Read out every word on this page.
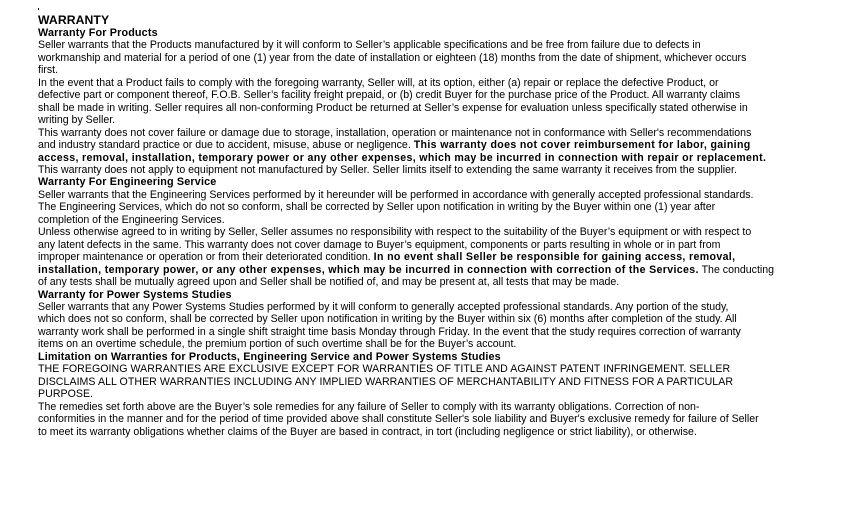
WARRANTY
Warranty For Products
Seller warrants that the Products manufactured by it will conform to Seller’s applicable specifications and be free from failure due to defects in
workmanship and material for a period of one (1) year from the date of installation or eighteen (18) months from the date of shipment, whichever occurs
first.
In the event that a Product fails to comply with the foregoing warranty, Seller will, at its option, either (a) repair or replace the defective Product, or
defective part or component thereof, F.O.B. Seller’s facility freight prepaid, or (b) credit Buyer for the purchase price of the Product. All warranty claims
shall be made in writing. Seller requires all non-conforming Product be returned at Seller’s expense for evaluation unless specifically stated otherwise in
writing by Seller.
This warranty does not cover failure or damage due to storage, installation, operation or maintenance not in conformance with Seller's recommendations
and industry standard practice or due to accident, misuse, abuse or negligence. This warranty does not cover reimbursement for labor, gaining
access, removal, installation, temporary power or any other expenses, which may be incurred in connection with repair or replacement.
This warranty does not apply to equipment not manufactured by Seller. Seller limits itself to extending the same warranty it receives from the supplier.
Warranty For Engineering Service
Seller warrants that the Engineering Services performed by it hereunder will be performed in accordance with generally accepted professional standards.
The Engineering Services, which do not so conform, shall be corrected by Seller upon notification in writing by the Buyer within one (1) year after
completion of the Engineering Services.
Unless otherwise agreed to in writing by Seller, Seller assumes no responsibility with respect to the suitability of the Buyer’s equipment or with respect to
any latent defects in the same. This warranty does not cover damage to Buyer’s equipment, components or parts resulting in whole or in part from
improper maintenance or operation or from their deteriorated condition. In no event shall Seller be responsible for gaining access, removal,
installation, temporary power, or any other expenses, which may be incurred in connection with correction of the Services. The conducting
of any tests shall be mutually agreed upon and Seller shall be notified of, and may be present at, all tests that may be made.
Warranty for Power Systems Studies
Seller warrants that any Power Systems Studies performed by it will conform to generally accepted professional standards. Any portion of the study,
which does not so conform, shall be corrected by Seller upon notification in writing by the Buyer within six (6) months after completion of the study. All
warranty work shall be performed in a single shift straight time basis Monday through Friday. In the event that the study requires correction of warranty
items on an overtime schedule, the premium portion of such overtime shall be for the Buyer’s account.
Limitation on Warranties for Products, Engineering Service and Power Systems Studies
THE FOREGOING WARRANTIES ARE EXCLUSIVE EXCEPT FOR WARRANTIES OF TITLE AND AGAINST PATENT INFRINGEMENT. SELLER
DISCLAIMS ALL OTHER WARRANTIES INCLUDING ANY IMPLIED WARRANTIES OF MERCHANTABILITY AND FITNESS FOR A PARTICULAR
PURPOSE.
The remedies set forth above are the Buyer’s sole remedies for any failure of Seller to comply with its warranty obligations. Correction of non-
conformities in the manner and for the period of time provided above shall constitute Seller's sole liability and Buyer's exclusive remedy for failure of Seller
to meet its warranty obligations whether claims of the Buyer are based in contract, in tort (including negligence or strict liability), or otherwise.
